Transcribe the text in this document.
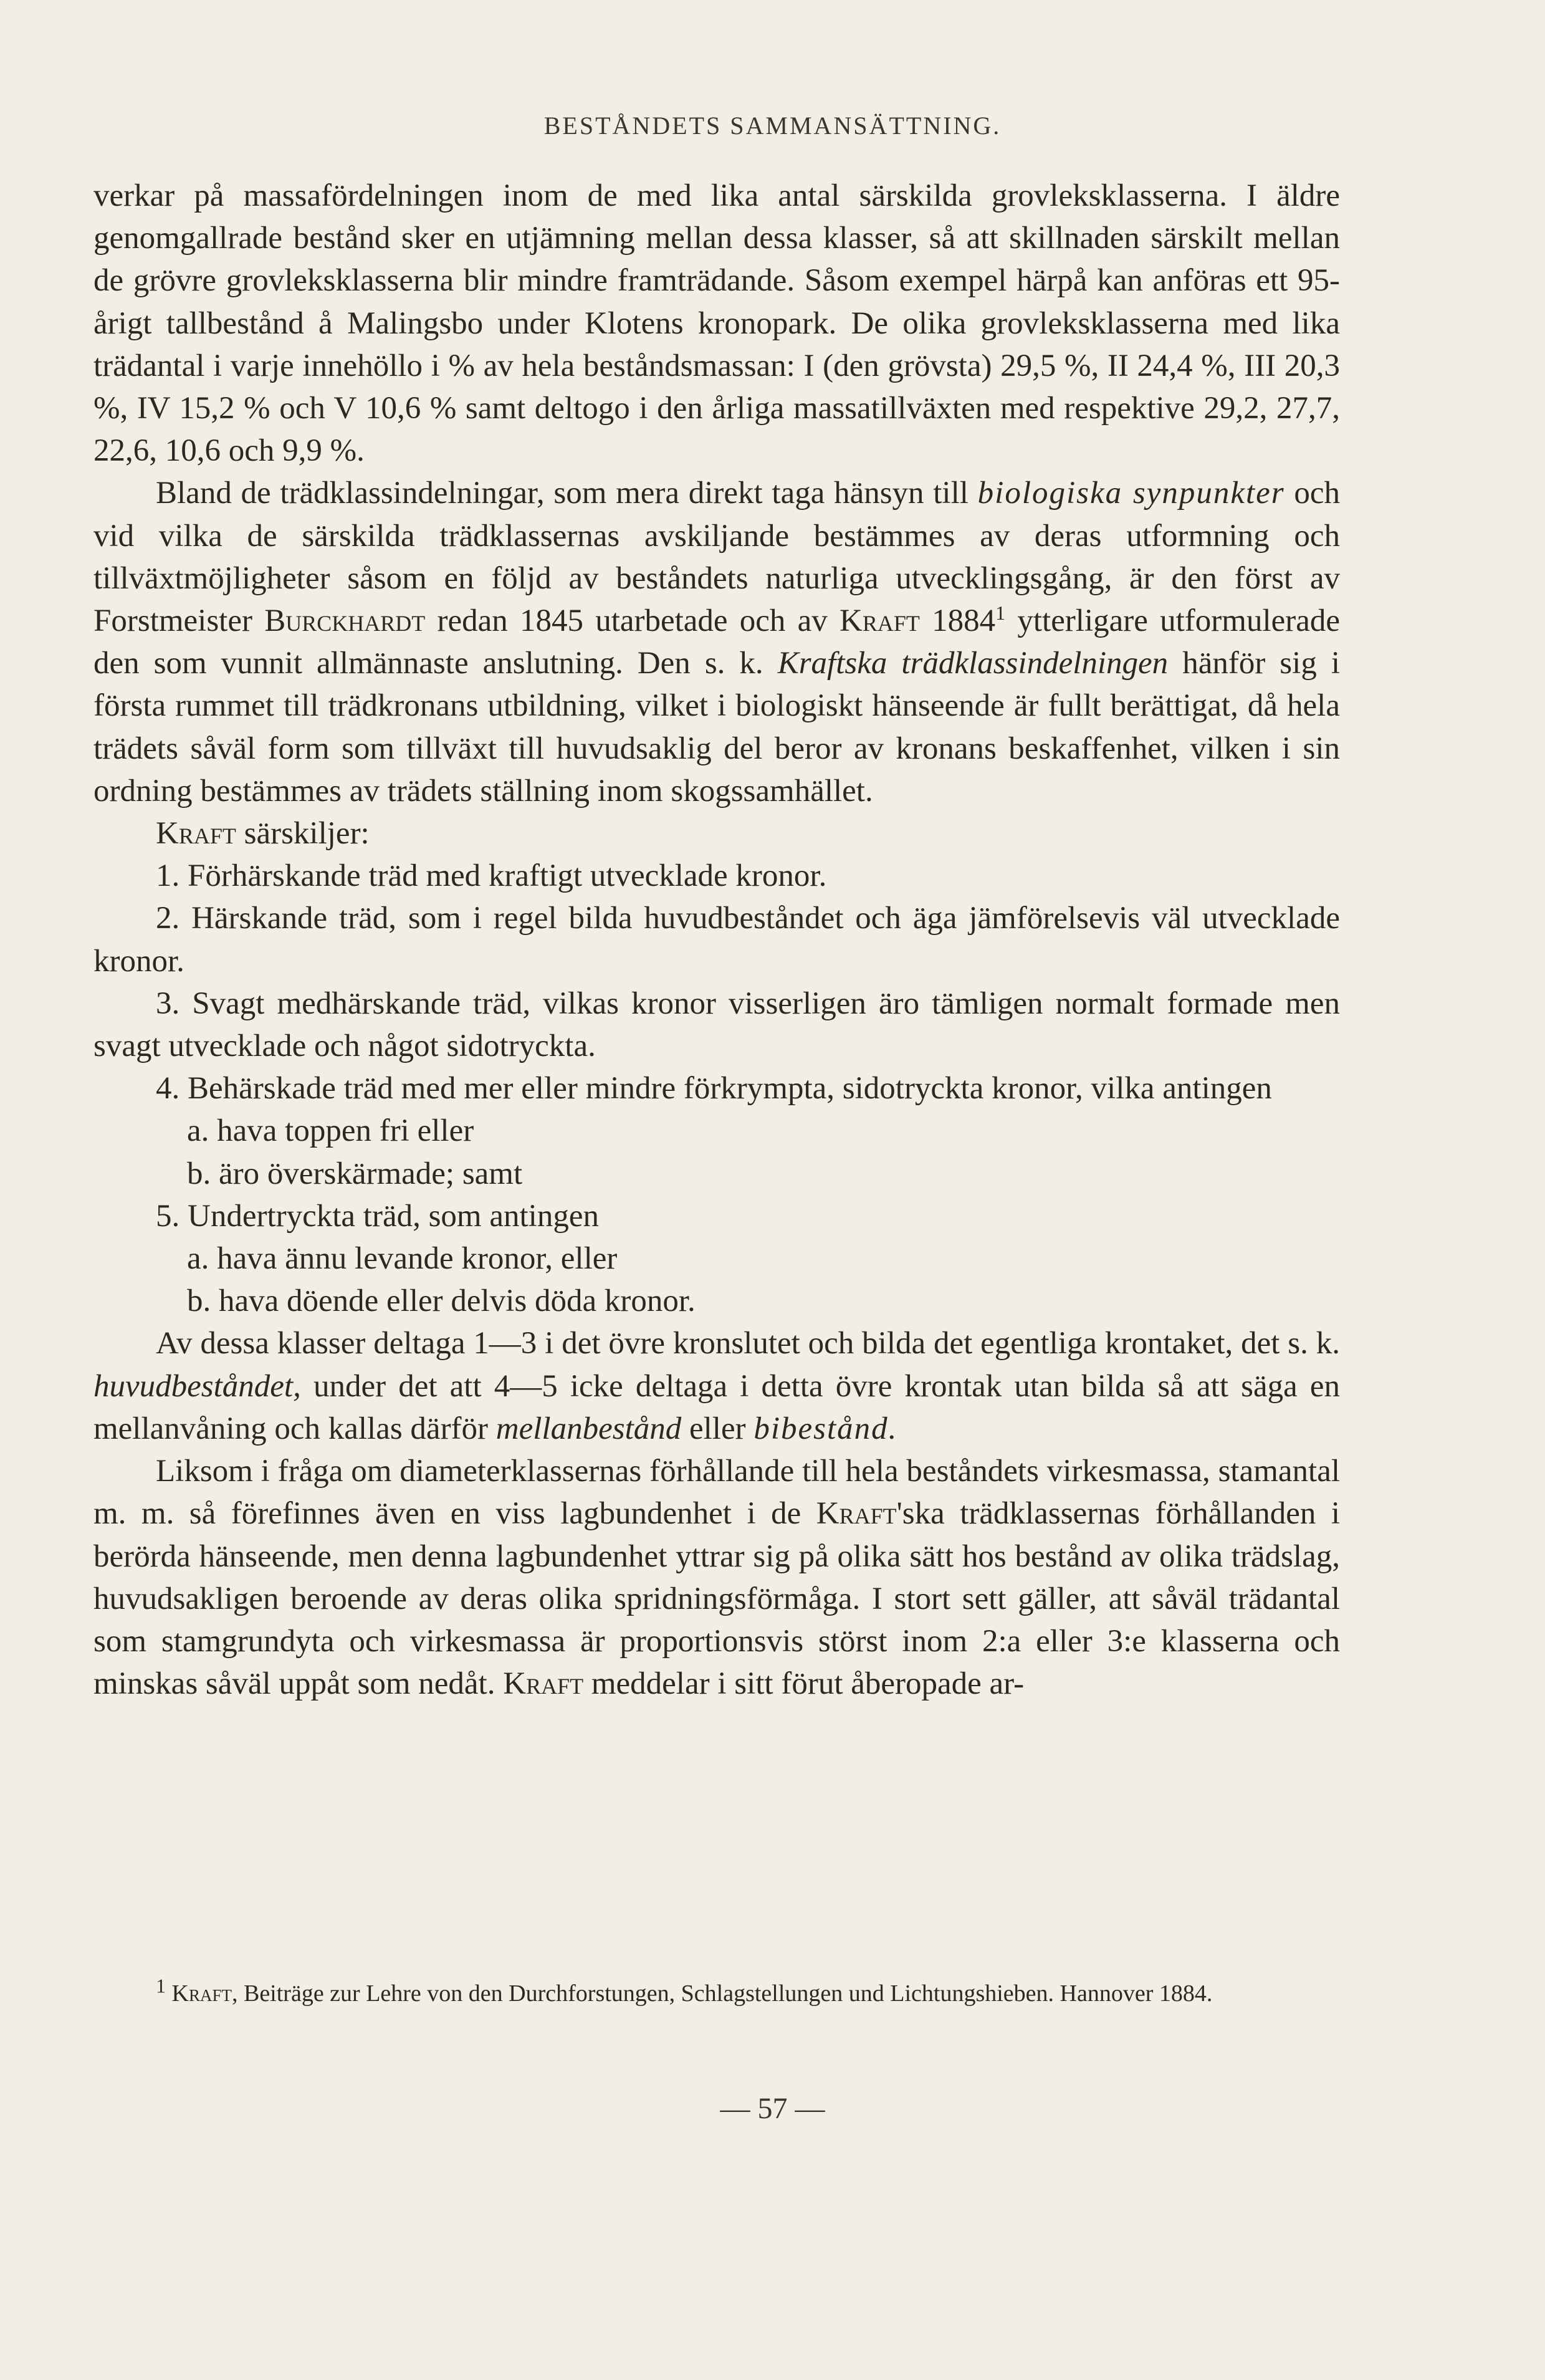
BESTÅNDETS SAMMANSÄTTNING.

verkar på massafördelningen inom de med lika antal särskilda grovleksklasserna. I äldre genomgallrade bestånd sker en utjämning mellan dessa klasser, så att skillnaden särskilt mellan de grövre grovleksklasserna blir mindre framträdande. Såsom exempel härpå kan anföras ett 95-årigt tallbestånd å Malingsbo under Klotens kronopark. De olika grovleksklasserna med lika trädantal i varje innehöllo i % av hela beståndsmassan: I (den grövsta) 29,5 %, II 24,4 %, III 20,3 %, IV 15,2 % och V 10,6 % samt deltogo i den årliga massatillväxten med respektive 29,2, 27,7, 22,6, 10,6 och 9,9 %.

Bland de trädklassindelningar, som mera direkt taga hänsyn till biologiska synpunkter och vid vilka de särskilda trädklassernas avskiljande bestämmes av deras utformning och tillväxtmöjligheter såsom en följd av beståndets naturliga utvecklingsgång, är den först av Forstmeister Burckhardt redan 1845 utarbetade och av Kraft 1884$^1$ ytterligare utformulerade den som vunnit allmännaste anslutning. Den s. k. Kraftska trädklassindelningen hänför sig i första rummet till trädkronans utbildning, vilket i biologiskt hänseende är fullt berättigat, då hela trädets såväl form som tillväxt till huvudsaklig del beror av kronans beskaffenhet, vilken i sin ordning bestämmes av trädets ställning inom skogssamhället.

Kraft särskiljer:

1. Förhärskande träd med kraftigt utvecklade kronor.

2. Härskande träd, som i regel bilda huvudbeståndet och äga jämförelsevis väl utvecklade kronor.

3. Svagt medhärskande träd, vilkas kronor visserligen äro tämligen normalt formade men svagt utvecklade och något sidotryckta.

4. Behärskade träd med mer eller mindre förkrympta, sidotryckta kronor, vilka antingen

a. hava toppen fri eller

b. äro överskärmade; samt

5. Undertryckta träd, som antingen

a. hava ännu levande kronor, eller

b. hava döende eller delvis döda kronor.

Av dessa klasser deltaga 1—3 i det övre kronslutet och bilda det egentliga krontaket, det s. k. huvudbeståndet, under det att 4—5 icke deltaga i detta övre krontak utan bilda så att säga en mellanvåning och kallas därför mellanbestånd eller bibestånd.

Liksom i fråga om diameterklassernas förhållande till hela beståndets virkesmassa, stamantal m. m. så förefinnes även en viss lagbundenhet i de Kraft'ska trädklassernas förhållanden i berörda hänseende, men denna lagbundenhet yttrar sig på olika sätt hos bestånd av olika trädslag, huvudsakligen beroende av deras olika spridningsförmåga. I stort sett gäller, att såväl trädantal som stamgrundyta och virkesmassa är proportionsvis störst inom 2:a eller 3:e klasserna och minskas såväl uppåt som nedåt. Kraft meddelar i sitt förut åberopade ar-

$^1$ Kraft, Beiträge zur Lehre von den Durchforstungen, Schlagstellungen und Lichtungshieben. Hannover 1884.

— 57 —
